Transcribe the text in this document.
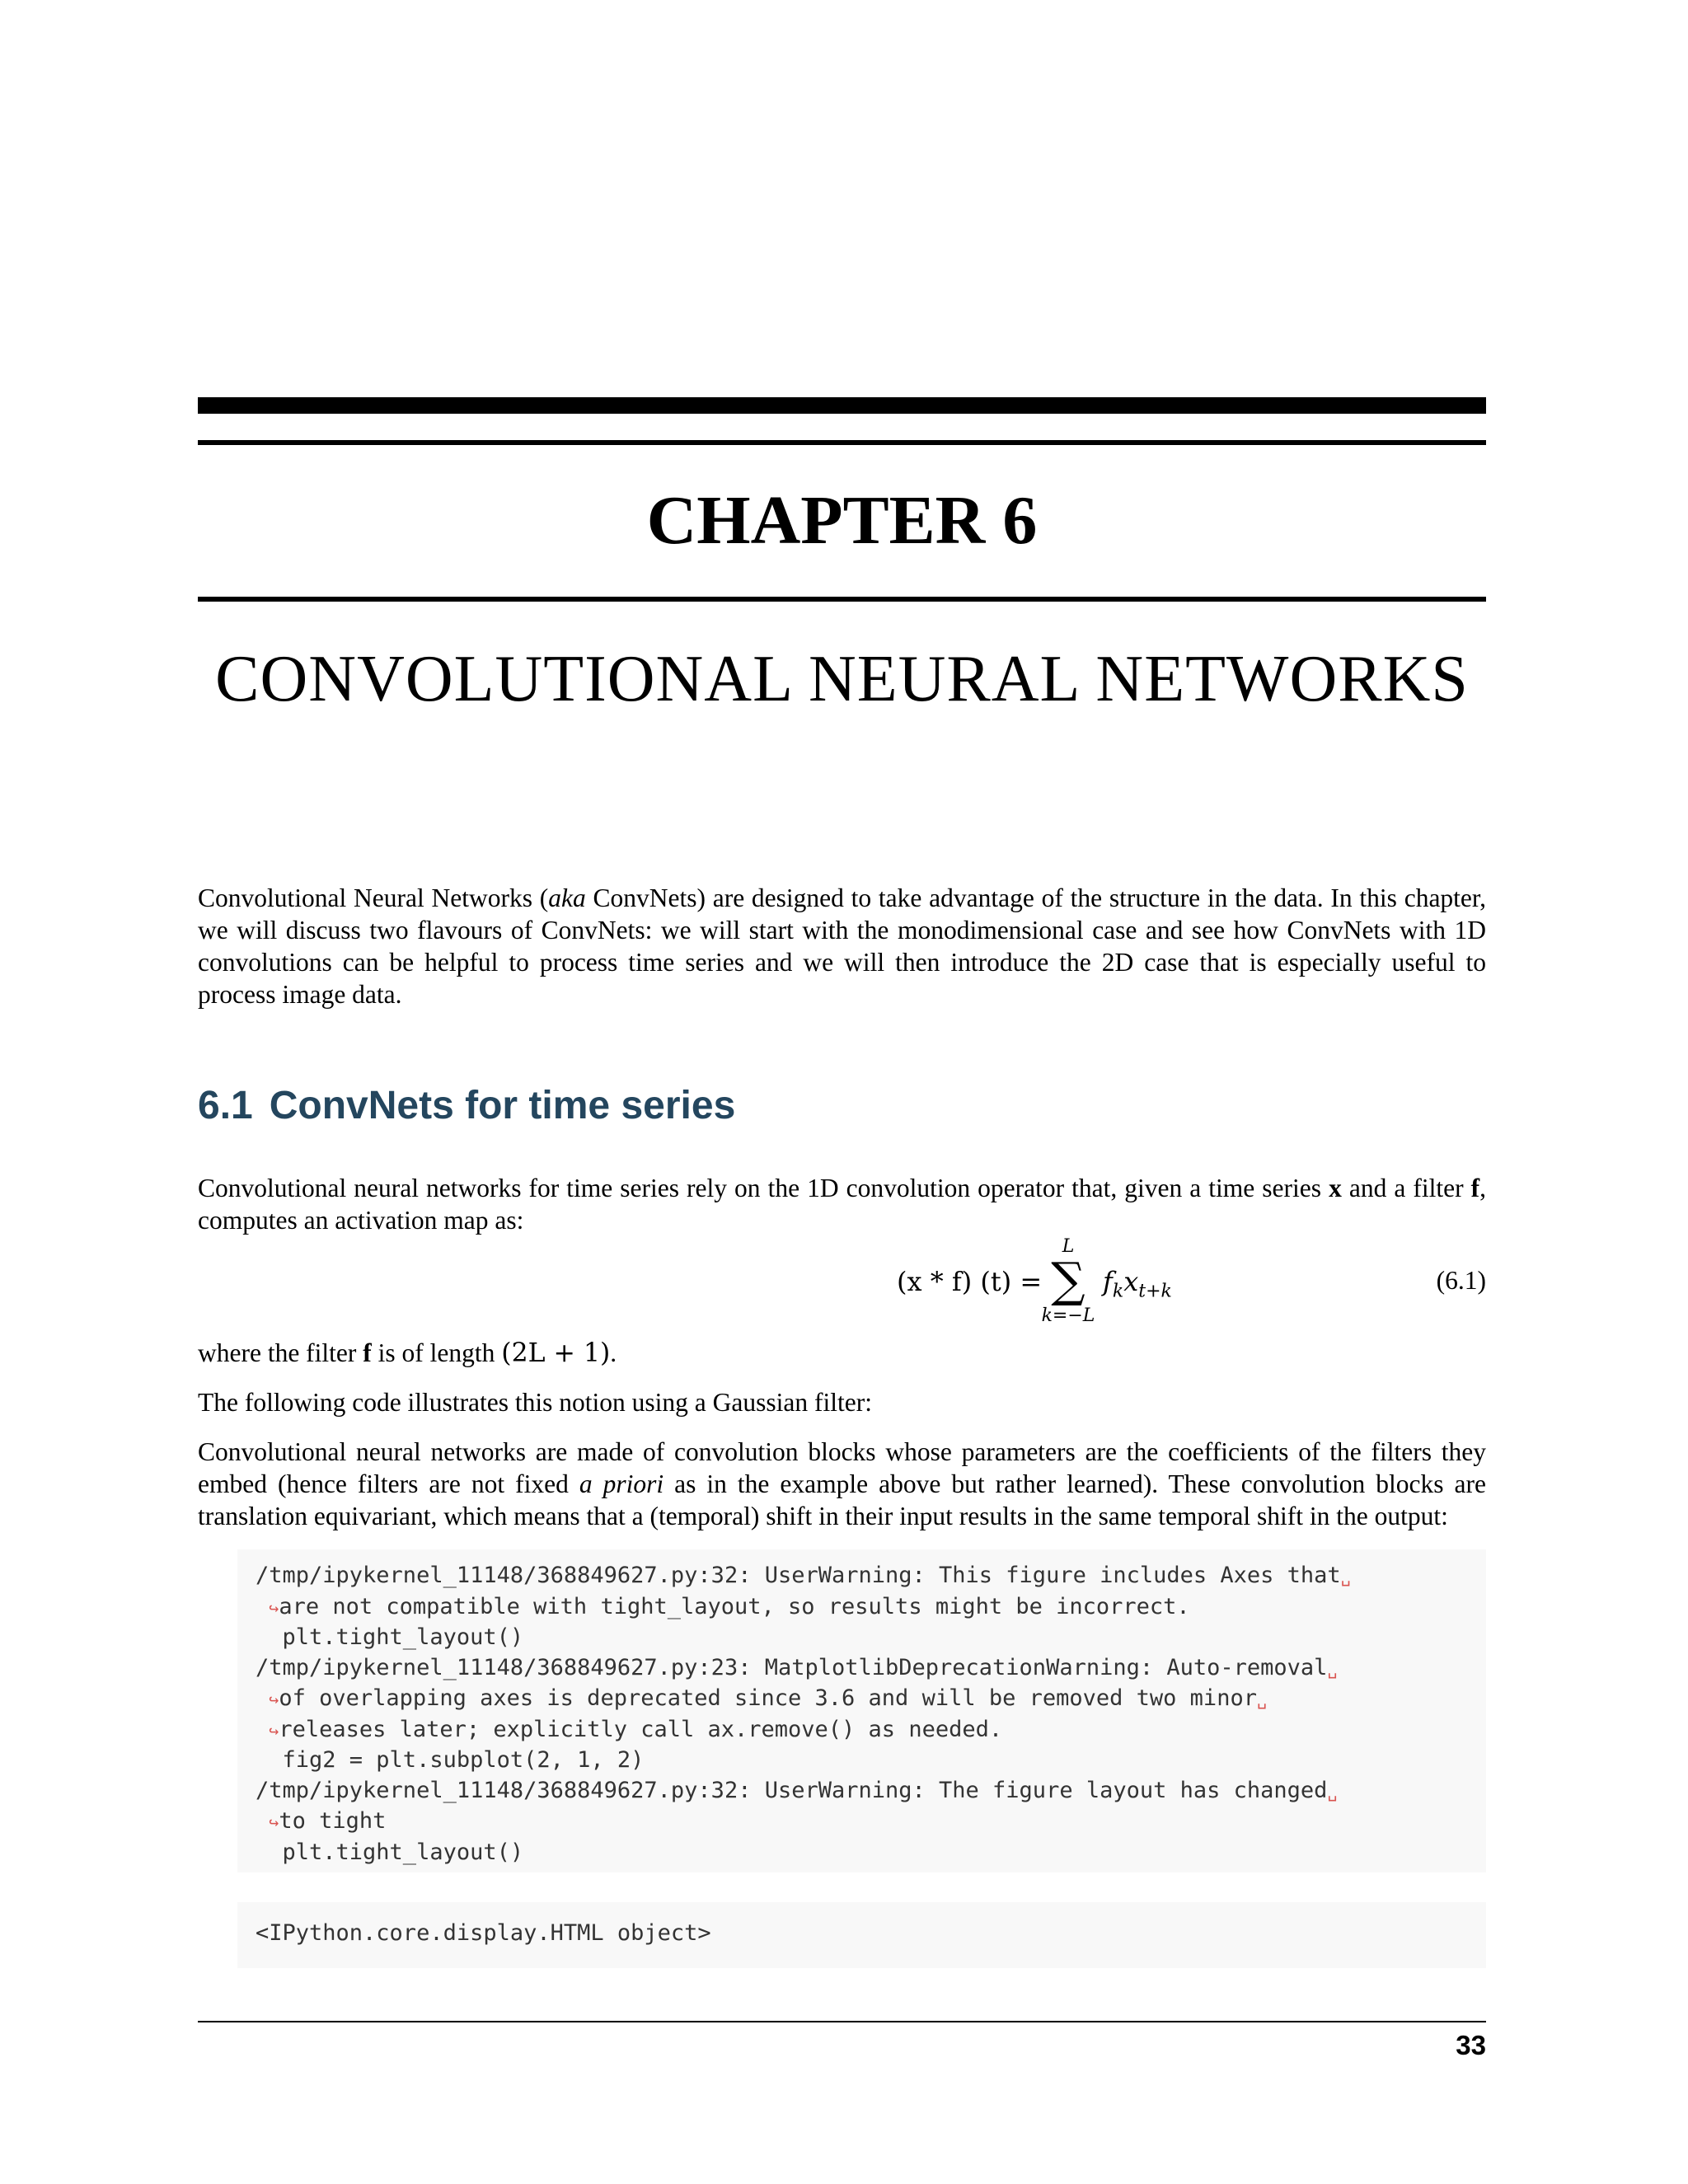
CHAPTER 6
CONVOLUTIONAL NEURAL NETWORKS

Convolutional Neural Networks (aka ConvNets) are designed to take advantage of the structure in the data. In this chapter, we will discuss two flavours of ConvNets: we will start with the monodimensional case and see how ConvNets with 1D convolutions can be helpful to process time series and we will then introduce the 2D case that is especially useful to process image data.

6.1 ConvNets for time series

Convolutional neural networks for time series rely on the 1D convolution operator that, given a time series x and a filter f, computes an activation map as:

(x * f) (t) =
L
∑
k=−L
$f_kx_{t+k}$	(6.1)

where the filter f is of length (2L + 1).

The following code illustrates this notion using a Gaussian filter:

Convolutional neural networks are made of convolution blocks whose parameters are the coefficients of the filters they embed (hence filters are not fixed a priori as in the example above but rather learned). These convolution blocks are translation equivariant, which means that a (temporal) shift in their input results in the same temporal shift in the output:

/tmp/ipykernel_11148/368849627.py:32: UserWarning: This figure includes Axes that␣
↪are not compatible with tight_layout, so results might be incorrect.
plt.tight_layout()
/tmp/ipykernel_11148/368849627.py:23: MatplotlibDeprecationWarning: Auto-removal␣
↪of overlapping axes is deprecated since 3.6 and will be removed two minor␣
↪releases later; explicitly call ax.remove() as needed.
fig2 = plt.subplot(2, 1, 2)
/tmp/ipykernel_11148/368849627.py:32: UserWarning: The figure layout has changed␣
↪to tight
plt.tight_layout()
<IPython.core.display.HTML object>
33
